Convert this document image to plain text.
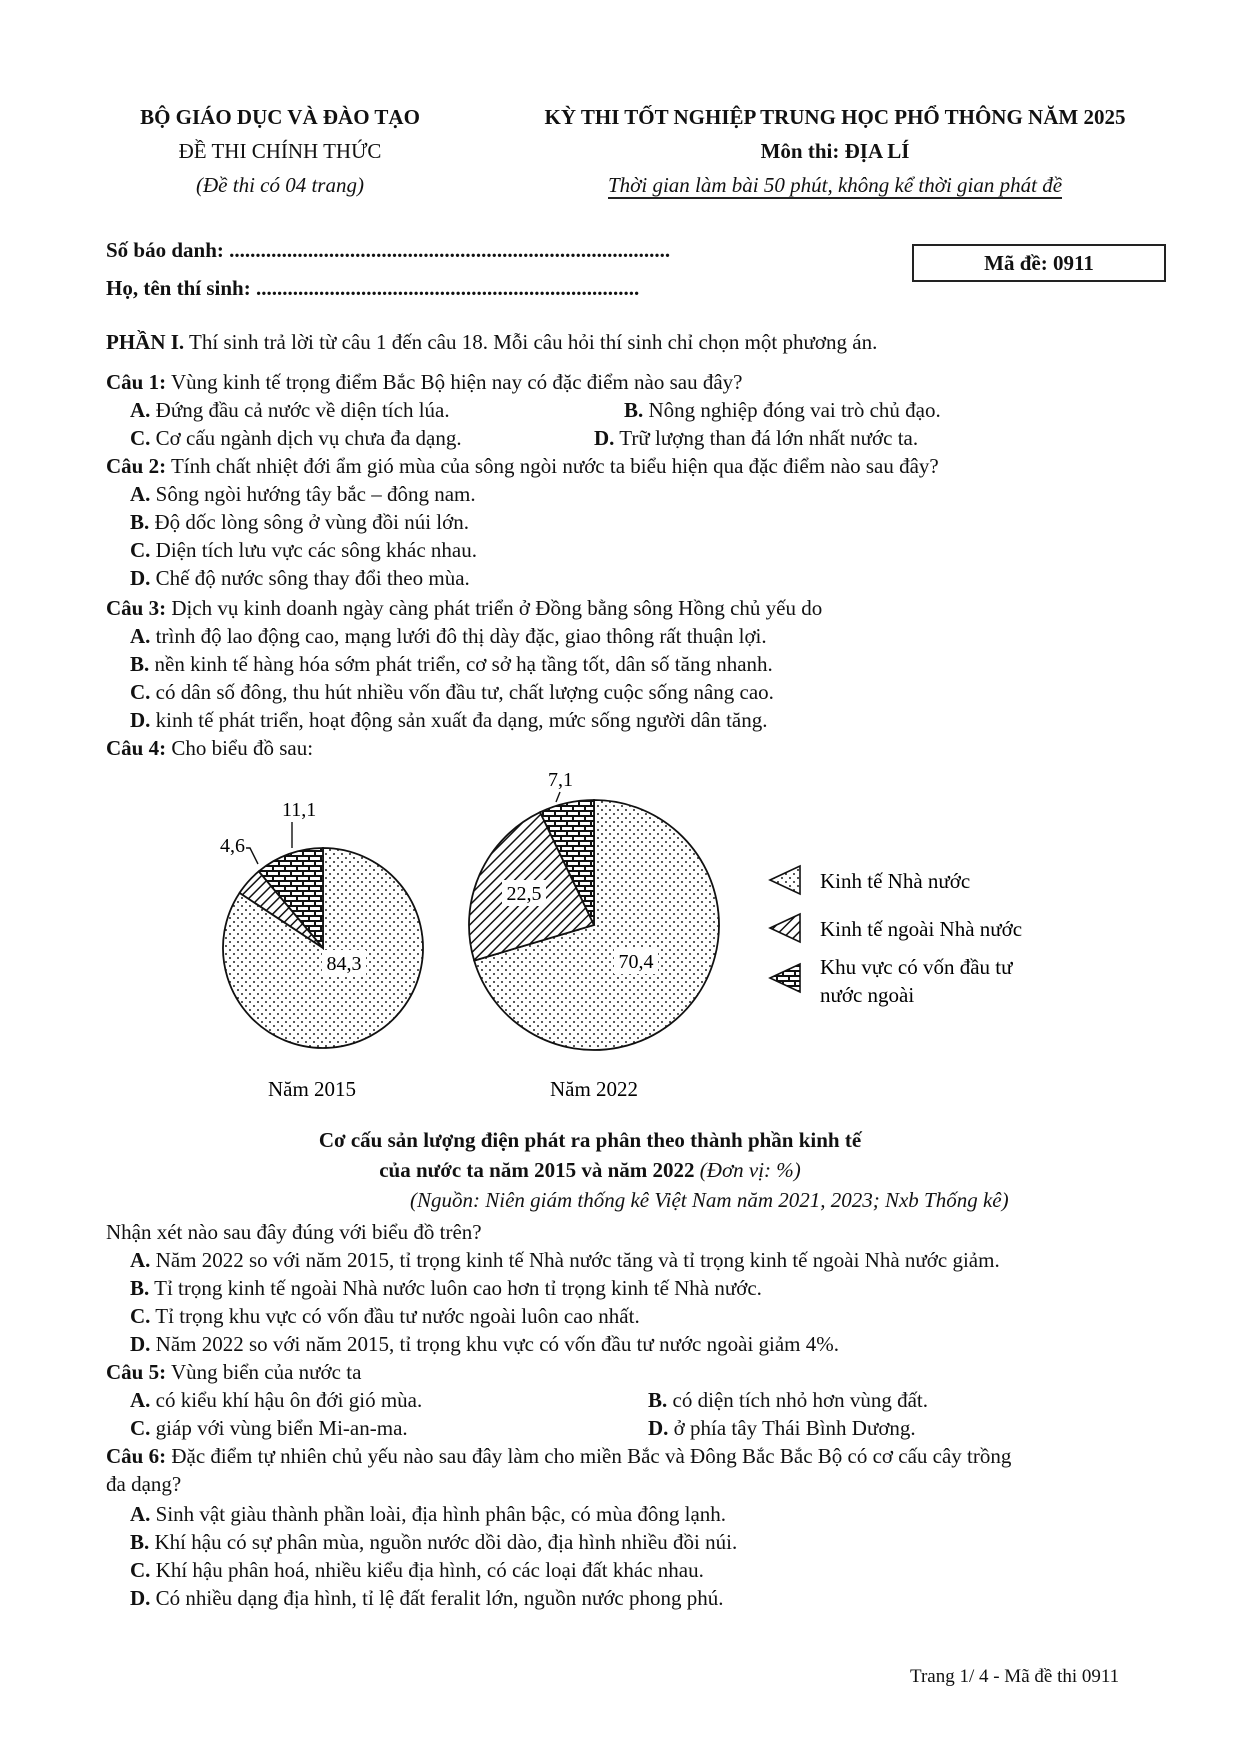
BỘ GIÁO DỤC VÀ ĐÀO TẠO
ĐỀ THI CHÍNH THỨC
(Đề thi có 04 trang)
KỲ THI TỐT NGHIỆP TRUNG HỌC PHỔ THÔNG NĂM 2025
Môn thi: ĐỊA LÍ
Thời gian làm bài 50 phút, không kể thời gian phát đề
Số báo danh: ....................................................................................
Họ, tên thí sinh: .........................................................................
Mã đề: 0911
PHẦN I. Thí sinh trả lời từ câu 1 đến câu 18. Mỗi câu hỏi thí sinh chỉ chọn một phương án.
Câu 1: Vùng kinh tế trọng điểm Bắc Bộ hiện nay có đặc điểm nào sau đây?
A. Đứng đầu cả nước về diện tích lúa.	B. Nông nghiệp đóng vai trò chủ đạo.
C. Cơ cấu ngành dịch vụ chưa đa dạng.	D. Trữ lượng than đá lớn nhất nước ta.
Câu 2: Tính chất nhiệt đới ẩm gió mùa của sông ngòi nước ta biểu hiện qua đặc điểm nào sau đây?
A. Sông ngòi hướng tây bắc – đông nam.
B. Độ dốc lòng sông ở vùng đồi núi lớn.
C. Diện tích lưu vực các sông khác nhau.
D. Chế độ nước sông thay đổi theo mùa.
Câu 3: Dịch vụ kinh doanh ngày càng phát triển ở Đồng bằng sông Hồng chủ yếu do
A. trình độ lao động cao, mạng lưới đô thị dày đặc, giao thông rất thuận lợi.
B. nền kinh tế hàng hóa sớm phát triển, cơ sở hạ tầng tốt, dân số tăng nhanh.
C. có dân số đông, thu hút nhiều vốn đầu tư, chất lượng cuộc sống nâng cao.
D. kinh tế phát triển, hoạt động sản xuất đa dạng, mức sống người dân tăng.
Câu 4: Cho biểu đồ sau:
84,3
4,6
11,1
70,4
22,5
7,1
Kinh tế Nhà nước
Kinh tế ngoài Nhà nước
Khu vực có vốn đầu tư
nước ngoài
Năm 2015	Năm 2022
Cơ cấu sản lượng điện phát ra phân theo thành phần kinh tế
của nước ta năm 2015 và năm 2022 (Đơn vị: %)
(Nguồn: Niên giám thống kê Việt Nam năm 2021, 2023; Nxb Thống kê)
Nhận xét nào sau đây đúng với biểu đồ trên?
A. Năm 2022 so với năm 2015, tỉ trọng kinh tế Nhà nước tăng và tỉ trọng kinh tế ngoài Nhà nước giảm.
B. Tỉ trọng kinh tế ngoài Nhà nước luôn cao hơn tỉ trọng kinh tế Nhà nước.
C. Tỉ trọng khu vực có vốn đầu tư nước ngoài luôn cao nhất.
D. Năm 2022 so với năm 2015, tỉ trọng khu vực có vốn đầu tư nước ngoài giảm 4%.
Câu 5: Vùng biển của nước ta
A. có kiểu khí hậu ôn đới gió mùa.	B. có diện tích nhỏ hơn vùng đất.
C. giáp với vùng biển Mi-an-ma.	D. ở phía tây Thái Bình Dương.
Câu 6: Đặc điểm tự nhiên chủ yếu nào sau đây làm cho miền Bắc và Đông Bắc Bắc Bộ có cơ cấu cây trồng
đa dạng?
A. Sinh vật giàu thành phần loài, địa hình phân bậc, có mùa đông lạnh.
B. Khí hậu có sự phân mùa, nguồn nước dồi dào, địa hình nhiều đồi núi.
C. Khí hậu phân hoá, nhiều kiểu địa hình, có các loại đất khác nhau.
D. Có nhiều dạng địa hình, tỉ lệ đất feralit lớn, nguồn nước phong phú.
Trang 1/ 4 - Mã đề thi 0911
